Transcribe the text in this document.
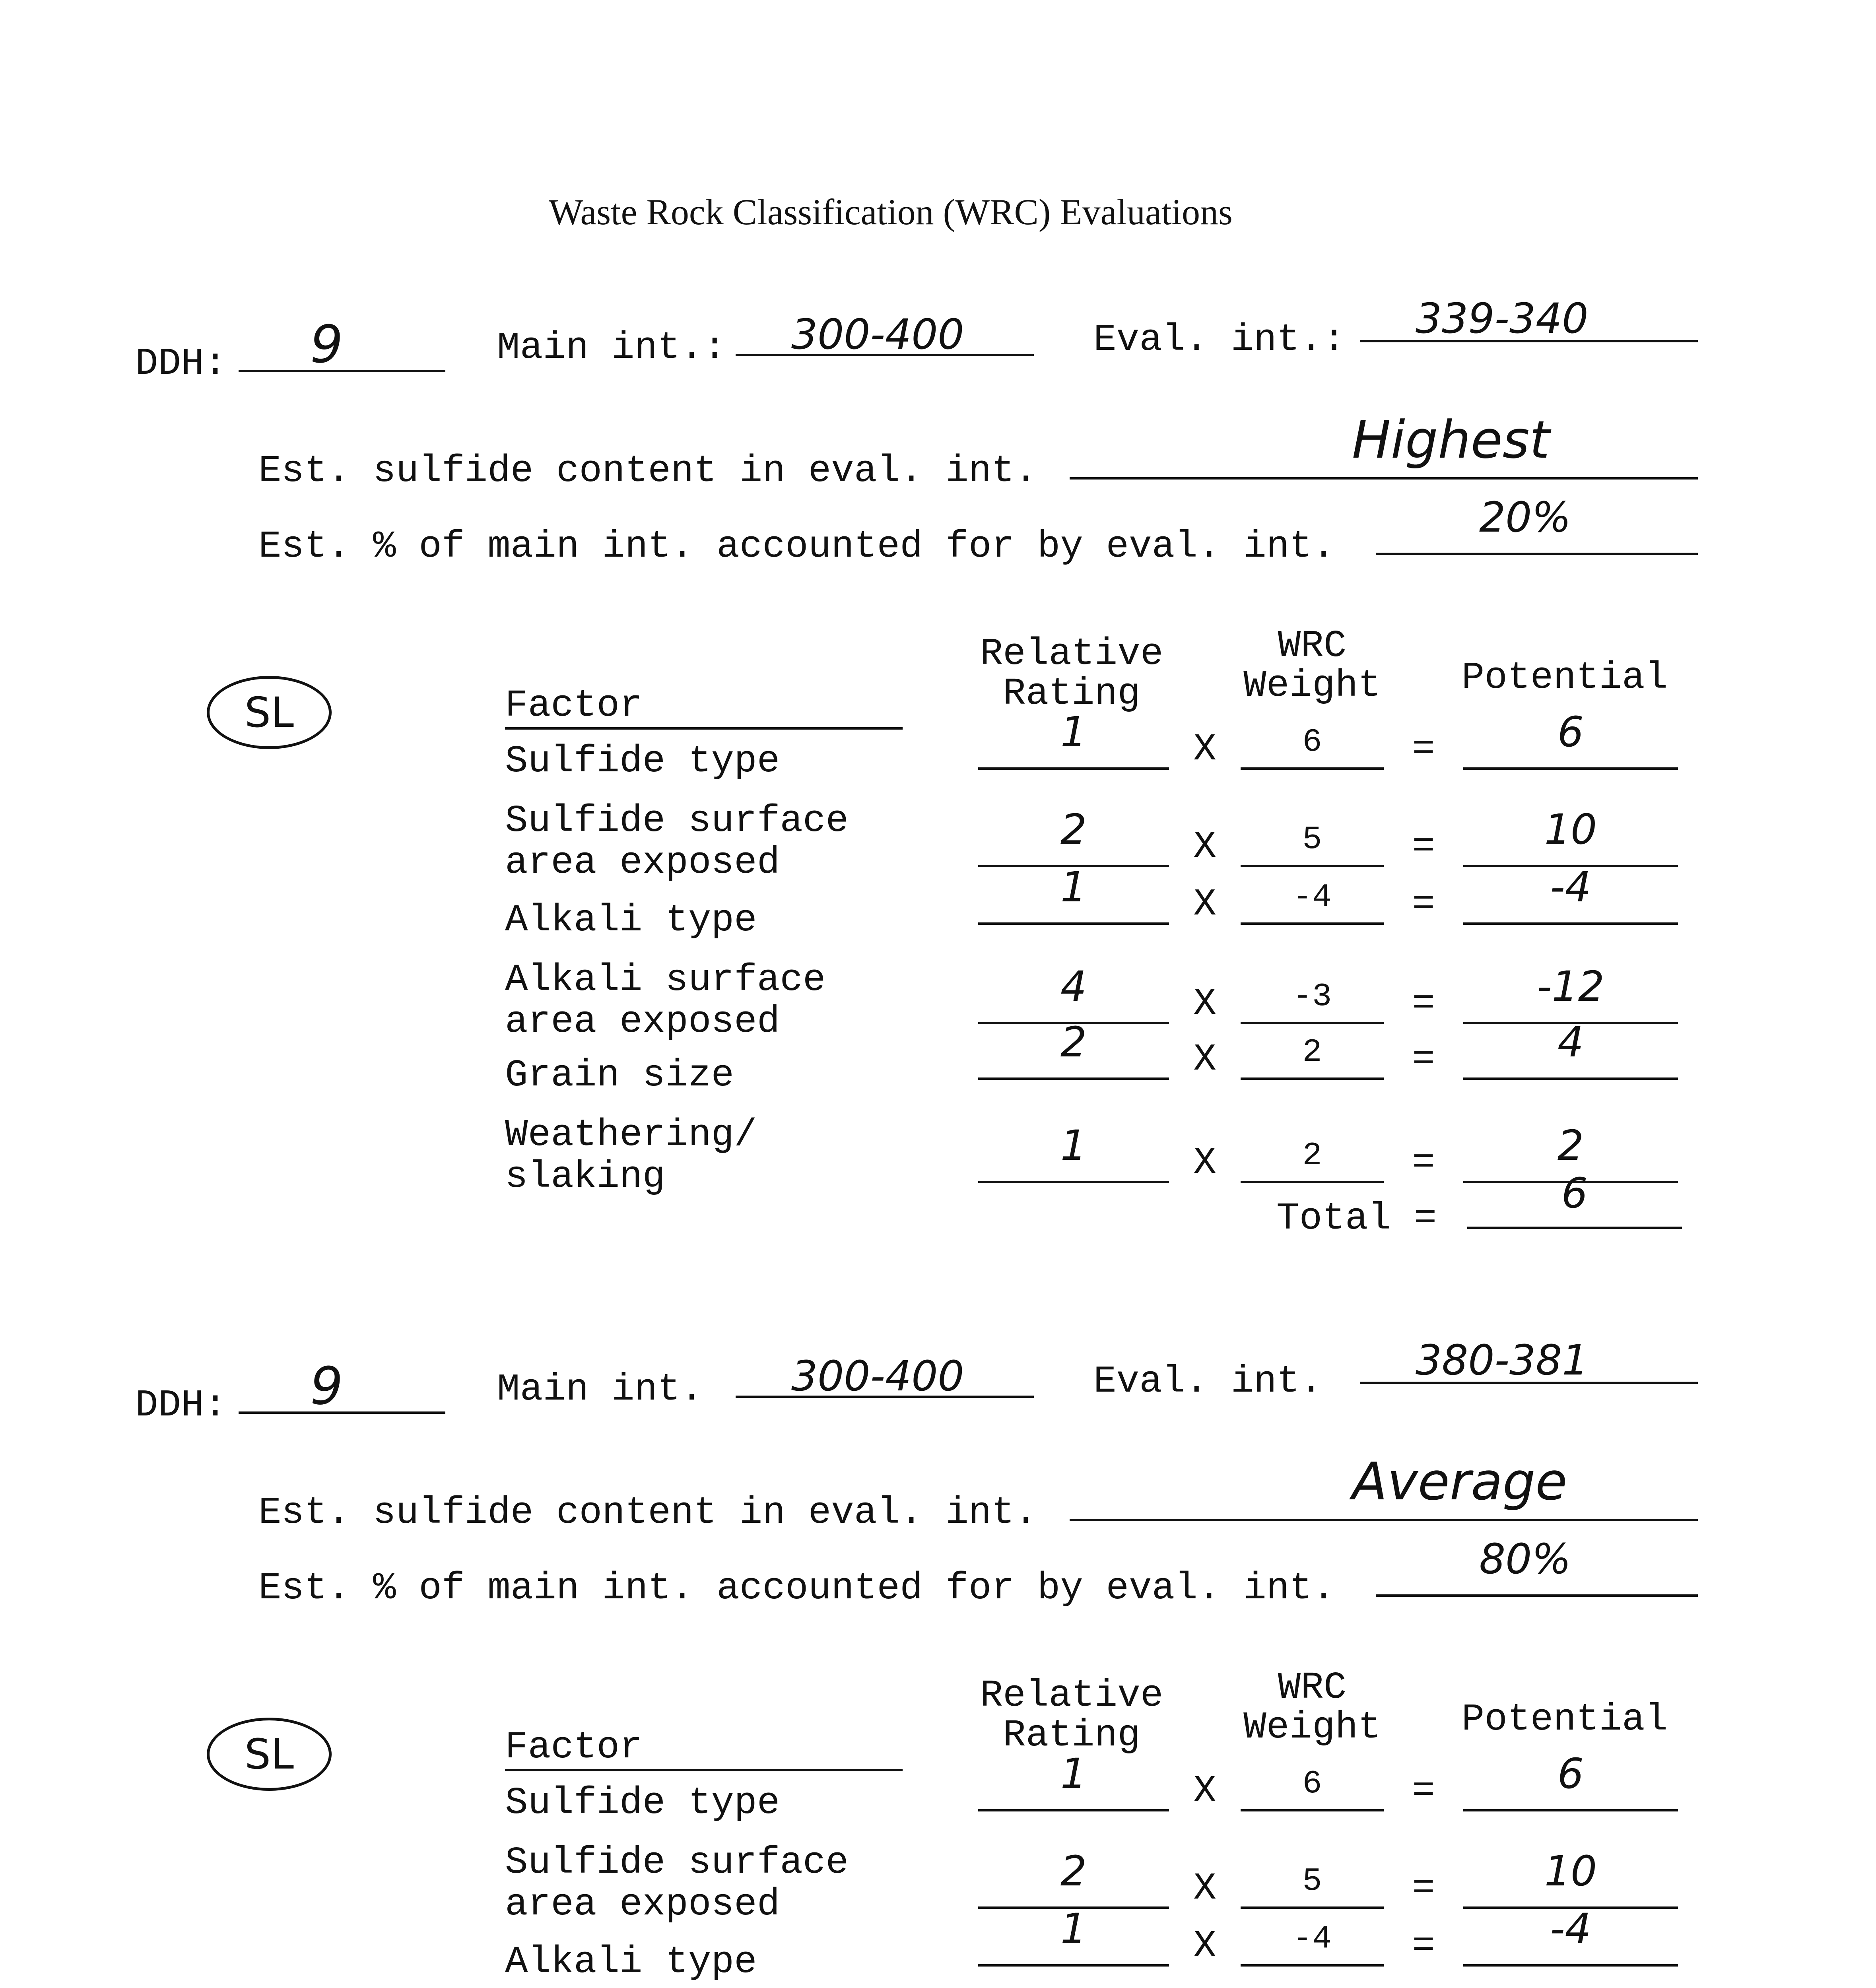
Waste Rock Classification (WRC) Evaluations
DDH: 9	Main int.: 300-400	Eval. int.: 339-340
Est. sulfide content in eval. int.
Highest
Est. % of main int. accounted for by eval. int.
20%
SL	Factor
Relative
Rating
WRC
Weight	Potential
Sulfide type
1	X	6	=	6
Sulfide surface
area exposed
2	X	5	=	10
Alkali type
1	X	-4	=	-4
Alkali surface
area exposed
4	X	-3	=	-12
Grain size
2	X	2	=	4
Weathering/
slaking
1	X	2	=	2
Total =
6
DDH: 9	Main int. 300-400	Eval. int. 380-381
Est. sulfide content in eval. int.
Average
Est. % of main int. accounted for by eval. int.
80%
SL	Factor
Relative
Rating
WRC
Weight	Potential
Sulfide type
1	X	6	=	6
Sulfide surface
area exposed
2	X	5	=	10
Alkali type
1	X	-4	=	-4
